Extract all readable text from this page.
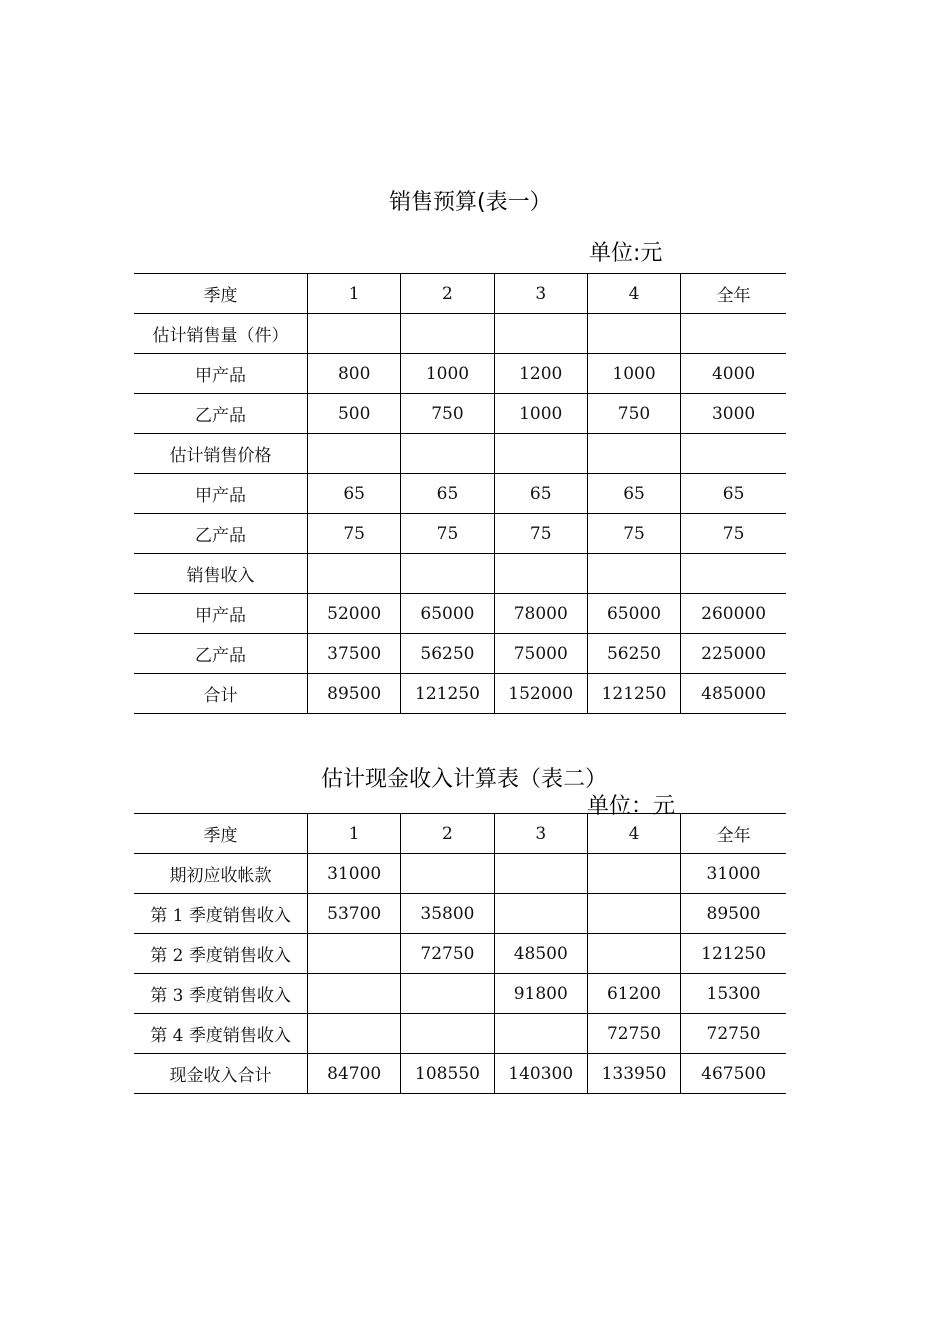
销售预算(表一）
单位:元
季度	1	2	3	4	全年
估计销售量（件）					
甲产品	800	1000	1200	1000	4000
乙产品	500	750	1000	750	3000
估计销售价格					
甲产品	65	65	65	65	65
乙产品	75	75	75	75	75
销售收入					
甲产品	52000	65000	78000	65000	260000
乙产品	37500	56250	75000	56250	225000
合计	89500	121250	152000	121250	485000
估计现金收入计算表（表二）
单位：元
季度	1	2	3	4	全年
期初应收帐款	31000				31000
第 1 季度销售收入	53700	35800			89500
第 2 季度销售收入		72750	48500		121250
第 3 季度销售收入			91800	61200	15300
第 4 季度销售收入				72750	72750
现金收入合计	84700	108550	140300	133950	467500
